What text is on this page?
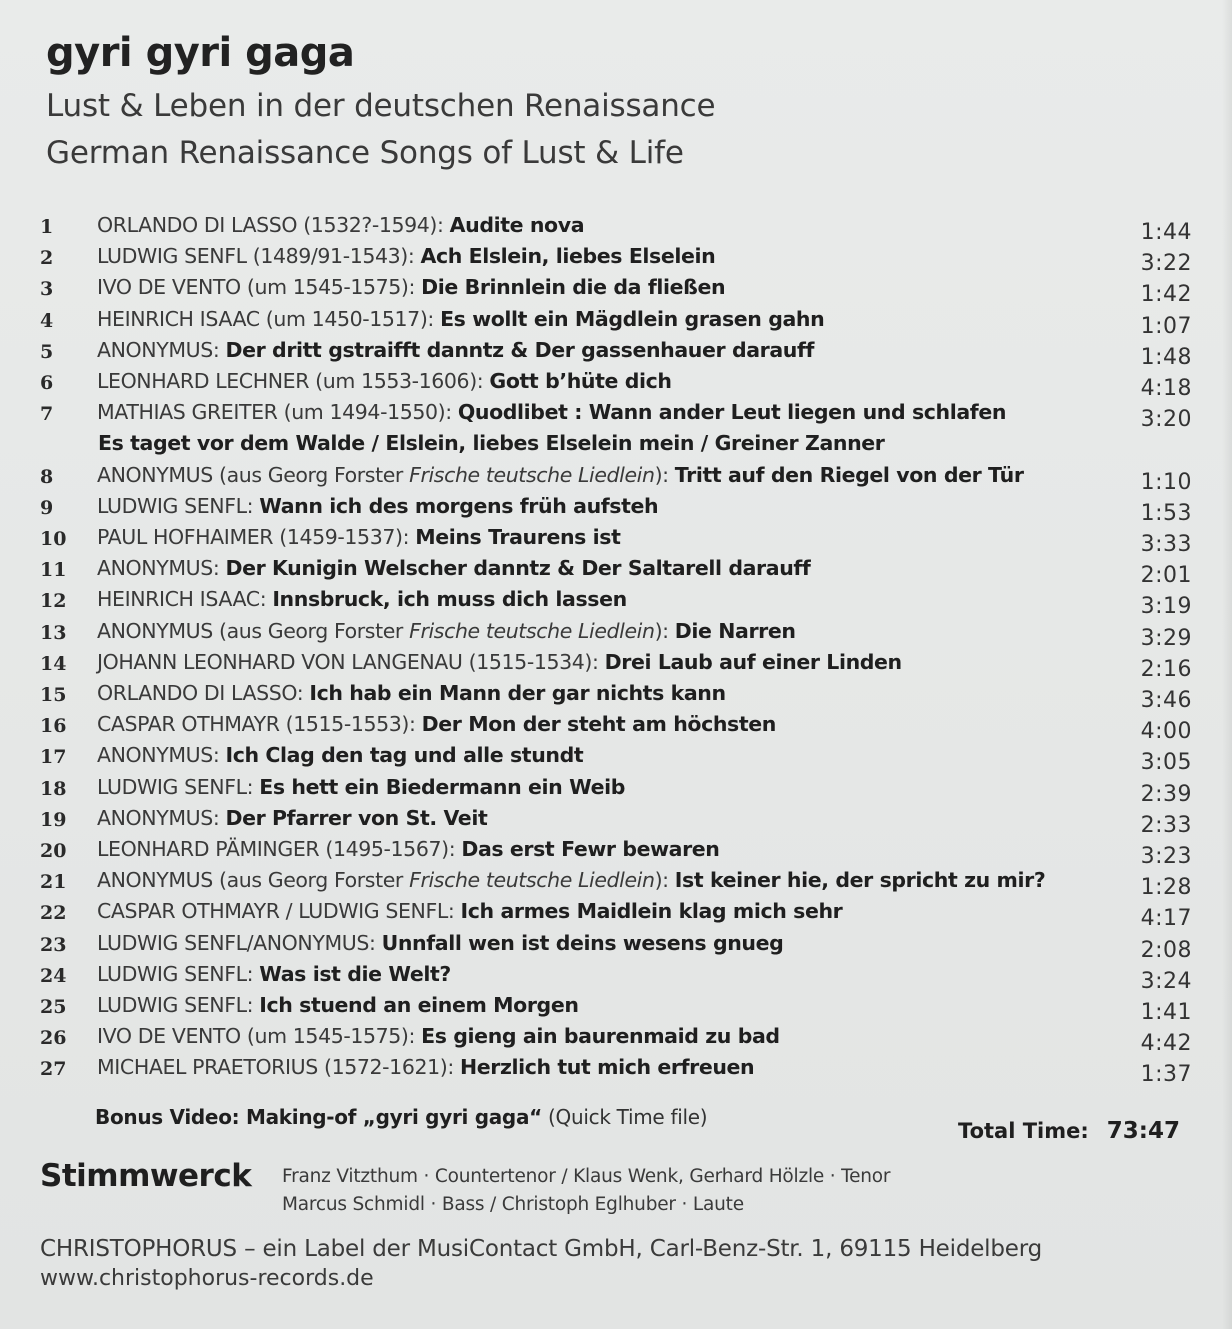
gyri gyri gaga
Lust & Leben in der deutschen Renaissance
German Renaissance Songs of Lust & Life
1	ORLANDO DI LASSO (1532?-1594): Audite nova	1:44
2	LUDWIG SENFL (1489/91-1543): Ach Elslein, liebes Elselein	3:22
3	IVO DE VENTO (um 1545-1575): Die Brinnlein die da fließen	1:42
4	HEINRICH ISAAC (um 1450-1517): Es wollt ein Mägdlein grasen gahn	1:07
5	ANONYMUS: Der dritt gstraifft danntz & Der gassenhauer darauff	1:48
6	LEONHARD LECHNER (um 1553-1606): Gott b’hüte dich	4:18
7	MATHIAS GREITER (um 1494-1550): Quodlibet : Wann ander Leut liegen und schlafen	3:20
Es taget vor dem Walde / Elslein, liebes Elselein mein / Greiner Zanner
8	ANONYMUS (aus Georg Forster Frische teutsche Liedlein): Tritt auf den Riegel von der Tür	1:10
9	LUDWIG SENFL: Wann ich des morgens früh aufsteh	1:53
10	PAUL HOFHAIMER (1459-1537): Meins Traurens ist	3:33
11	ANONYMUS: Der Kunigin Welscher danntz & Der Saltarell darauff	2:01
12	HEINRICH ISAAC: Innsbruck, ich muss dich lassen	3:19
13	ANONYMUS (aus Georg Forster Frische teutsche Liedlein): Die Narren	3:29
14	JOHANN LEONHARD VON LANGENAU (1515-1534): Drei Laub auf einer Linden	2:16
15	ORLANDO DI LASSO: Ich hab ein Mann der gar nichts kann	3:46
16	CASPAR OTHMAYR (1515-1553): Der Mon der steht am höchsten	4:00
17	ANONYMUS: Ich Clag den tag und alle stundt	3:05
18	LUDWIG SENFL: Es hett ein Biedermann ein Weib	2:39
19	ANONYMUS: Der Pfarrer von St. Veit	2:33
20	LEONHARD PÄMINGER (1495-1567): Das erst Fewr bewaren	3:23
21	ANONYMUS (aus Georg Forster Frische teutsche Liedlein): Ist keiner hie, der spricht zu mir?	1:28
22	CASPAR OTHMAYR / LUDWIG SENFL: Ich armes Maidlein klag mich sehr	4:17
23	LUDWIG SENFL/ANONYMUS: Unnfall wen ist deins wesens gnueg	2:08
24	LUDWIG SENFL: Was ist die Welt?	3:24
25	LUDWIG SENFL: Ich stuend an einem Morgen	1:41
26	IVO DE VENTO (um 1545-1575): Es gieng ain baurenmaid zu bad	4:42
27	MICHAEL PRAETORIUS (1572-1621): Herzlich tut mich erfreuen	1:37
Bonus Video: Making-of „gyri gyri gaga“ (Quick Time file)
Total Time: 73:47
Stimmwerck Franz Vitzthum · Countertenor / Klaus Wenk, Gerhard Hölzle · Tenor
Marcus Schmidl · Bass / Christoph Eglhuber · Laute
CHRISTOPHORUS – ein Label der MusiContact GmbH, Carl-Benz-Str. 1, 69115 Heidelberg
www.christophorus-records.de
